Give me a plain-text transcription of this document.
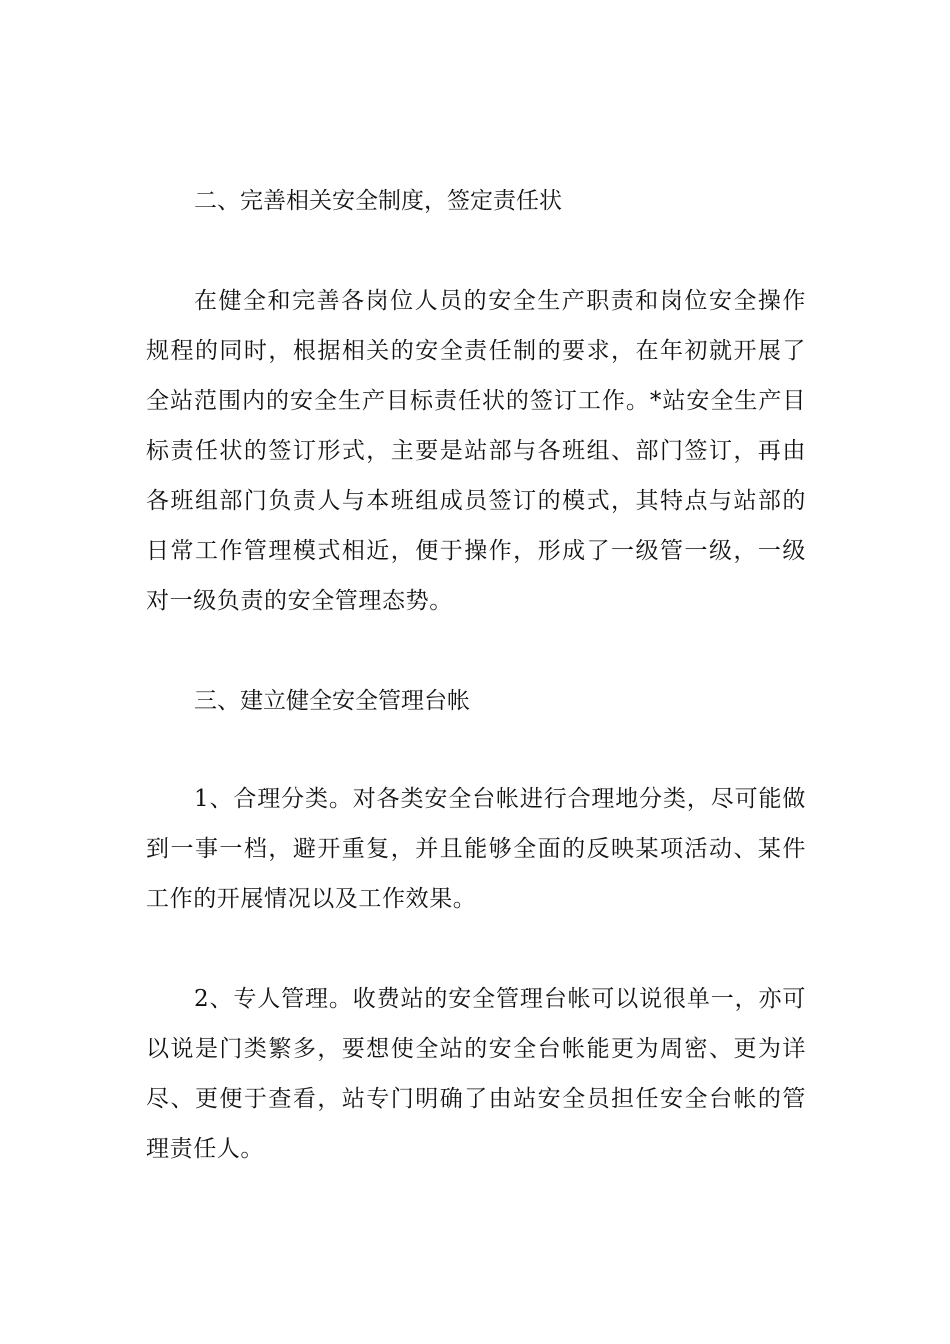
二、完善相关安全制度，签定责任状
在健全和完善各岗位人员的安全生产职责和岗位安全操作规程的同时，根据相关的安全责任制的要求，在年初就开展了全站范围内的安全生产目标责任状的签订工作。*站安全生产目标责任状的签订形式，主要是站部与各班组、部门签订，再由各班组部门负责人与本班组成员签订的模式，其特点与站部的日常工作管理模式相近，便于操作，形成了一级管一级，一级对一级负责的安全管理态势。
三、建立健全安全管理台帐
1、合理分类。对各类安全台帐进行合理地分类，尽可能做到一事一档，避开重复，并且能够全面的反映某项活动、某件工作的开展情况以及工作效果。
2、专人管理。收费站的安全管理台帐可以说很单一，亦可以说是门类繁多，要想使全站的安全台帐能更为周密、更为详尽、更便于查看，站专门明确了由站安全员担任安全台帐的管理责任人。
